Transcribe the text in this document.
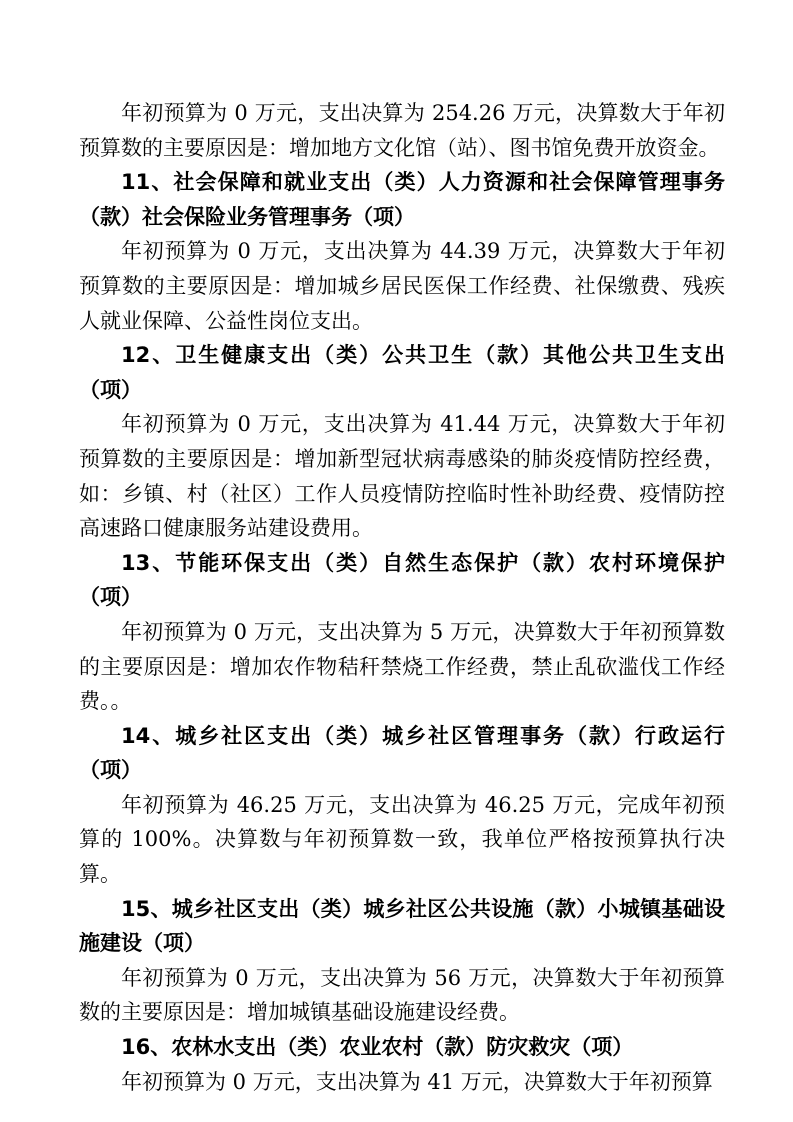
年初预算为 0 万元，支出决算为 254.26 万元，决算数大于年初预算数的主要原因是：增加地方文化馆（站）、图书馆免费开放资金。

11、社会保障和就业支出（类）人力资源和社会保障管理事务（款）社会保险业务管理事务（项）

年初预算为 0 万元，支出决算为 44.39 万元，决算数大于年初预算数的主要原因是：增加城乡居民医保工作经费、社保缴费、残疾人就业保障、公益性岗位支出。

12、卫生健康支出（类）公共卫生（款）其他公共卫生支出（项）

年初预算为 0 万元，支出决算为 41.44 万元，决算数大于年初预算数的主要原因是：增加新型冠状病毒感染的肺炎疫情防控经费，如：乡镇、村（社区）工作人员疫情防控临时性补助经费、疫情防控高速路口健康服务站建设费用。

13、节能环保支出（类）自然生态保护（款）农村环境保护（项）

年初预算为 0 万元，支出决算为 5 万元，决算数大于年初预算数的主要原因是：增加农作物秸秆禁烧工作经费，禁止乱砍滥伐工作经费。。

14、城乡社区支出（类）城乡社区管理事务（款）行政运行（项）

年初预算为 46.25 万元，支出决算为 46.25 万元，完成年初预算的 100%。决算数与年初预算数一致，我单位严格按预算执行决算。

15、城乡社区支出（类）城乡社区公共设施（款）小城镇基础设施建设（项）

年初预算为 0 万元，支出决算为 56 万元，决算数大于年初预算数的主要原因是：增加城镇基础设施建设经费。

16、农林水支出（类）农业农村（款）防灾救灾（项）

年初预算为 0 万元，支出决算为 41 万元，决算数大于年初预算
